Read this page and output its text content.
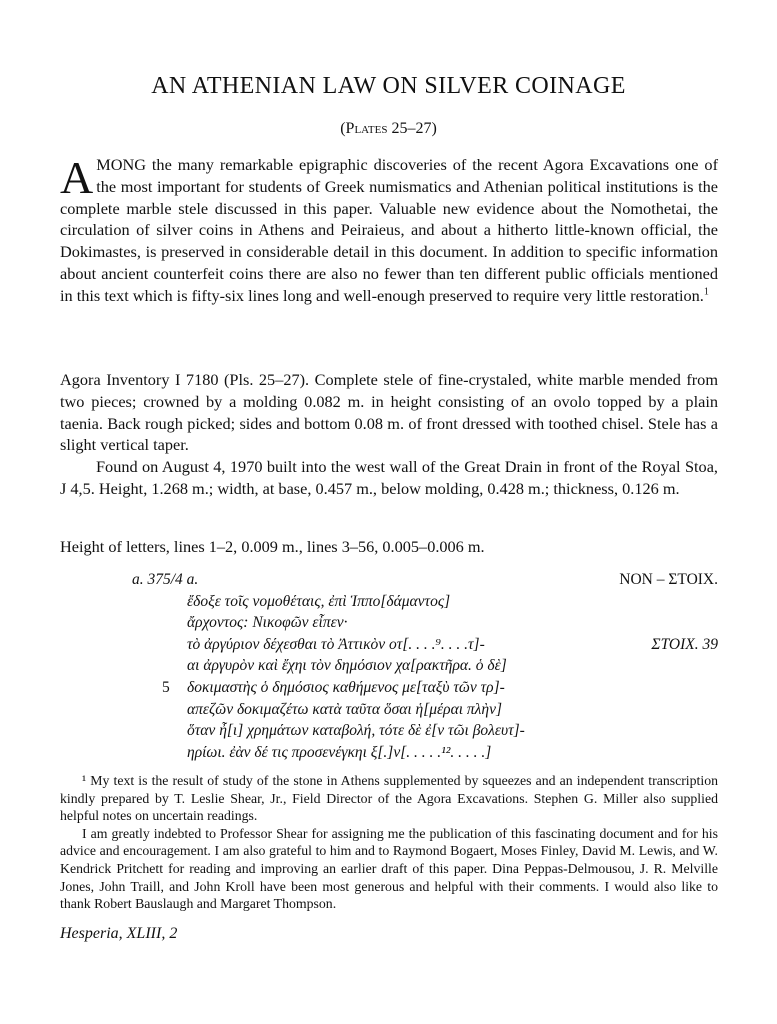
AN ATHENIAN LAW ON SILVER COINAGE
(Plates 25–27)

AMONG the many remarkable epigraphic discoveries of the recent Agora Excavations one of the most important for students of Greek numismatics and Athenian political institutions is the complete marble stele discussed in this paper. Valuable new evidence about the Nomothetai, the circulation of silver coins in Athens and Peiraieus, and about a hitherto little-known official, the Dokimastes, is preserved in considerable detail in this document. In addition to specific information about ancient counterfeit coins there are also no fewer than ten different public officials mentioned in this text which is fifty-six lines long and well-enough preserved to require very little restoration.$^1$

Agora Inventory I 7180 (Pls. 25–27). Complete stele of fine-crystaled, white marble mended from two pieces; crowned by a molding 0.082 m. in height consisting of an ovolo topped by a plain taenia. Back rough picked; sides and bottom 0.08 m. of front dressed with toothed chisel. Stele has a slight vertical taper.

Found on August 4, 1970 built into the west wall of the Great Drain in front of the Royal Stoa, J 4,5. Height, 1.268 m.; width, at base, 0.457 m., below molding, 0.428 m.; thickness, 0.126 m.

Height of letters, lines 1–2, 0.009 m., lines 3–56, 0.005–0.006 m.

a. 375/4 a.	NON – ΣΤΟΙΧ.
ἔδοξε τοῖς νομοθέταις, ἐπὶ Ἱππο[δάμαντος]
ἄρχοντος: Νικοφῶν εἶπεν·
τὸ ἀργύριον δέχεσθαι τὸ Ἀττικὸν οτ[. . . .⁹. . . .τ]-	ΣΤΟΙΧ. 39
αι ἀργυρὸν καὶ ἔχηι τὸν δημόσιον χα[ρακτῆρα. ὁ δὲ]
5 δοκιμαστὴς ὁ δημόσιος καθήμενος με[ταξὺ τῶν τρ]-
απεζῶν δοκιμαζέτω κατὰ ταῦτα ὅσαι ἡ[μέραι πλὴν]
ὅταν ἦ[ι] χρημάτων καταβολή, τότε δὲ ἐ[ν τῶι βολευτ]-
ηρίωι. ἐὰν δέ τις προσενέγκηι ξ[.]ν[. . . . .¹². . . . .]

¹ My text is the result of study of the stone in Athens supplemented by squeezes and an independent transcription kindly prepared by T. Leslie Shear, Jr., Field Director of the Agora Excavations. Stephen G. Miller also supplied helpful notes on uncertain readings.

I am greatly indebted to Professor Shear for assigning me the publication of this fascinating document and for his advice and encouragement. I am also grateful to him and to Raymond Bogaert, Moses Finley, David M. Lewis, and W. Kendrick Pritchett for reading and improving an earlier draft of this paper. Dina Peppas-Delmousou, J. R. Melville Jones, John Traill, and John Kroll have been most generous and helpful with their comments. I would also like to thank Robert Bauslaugh and Margaret Thompson.

Hesperia, XLIII, 2
